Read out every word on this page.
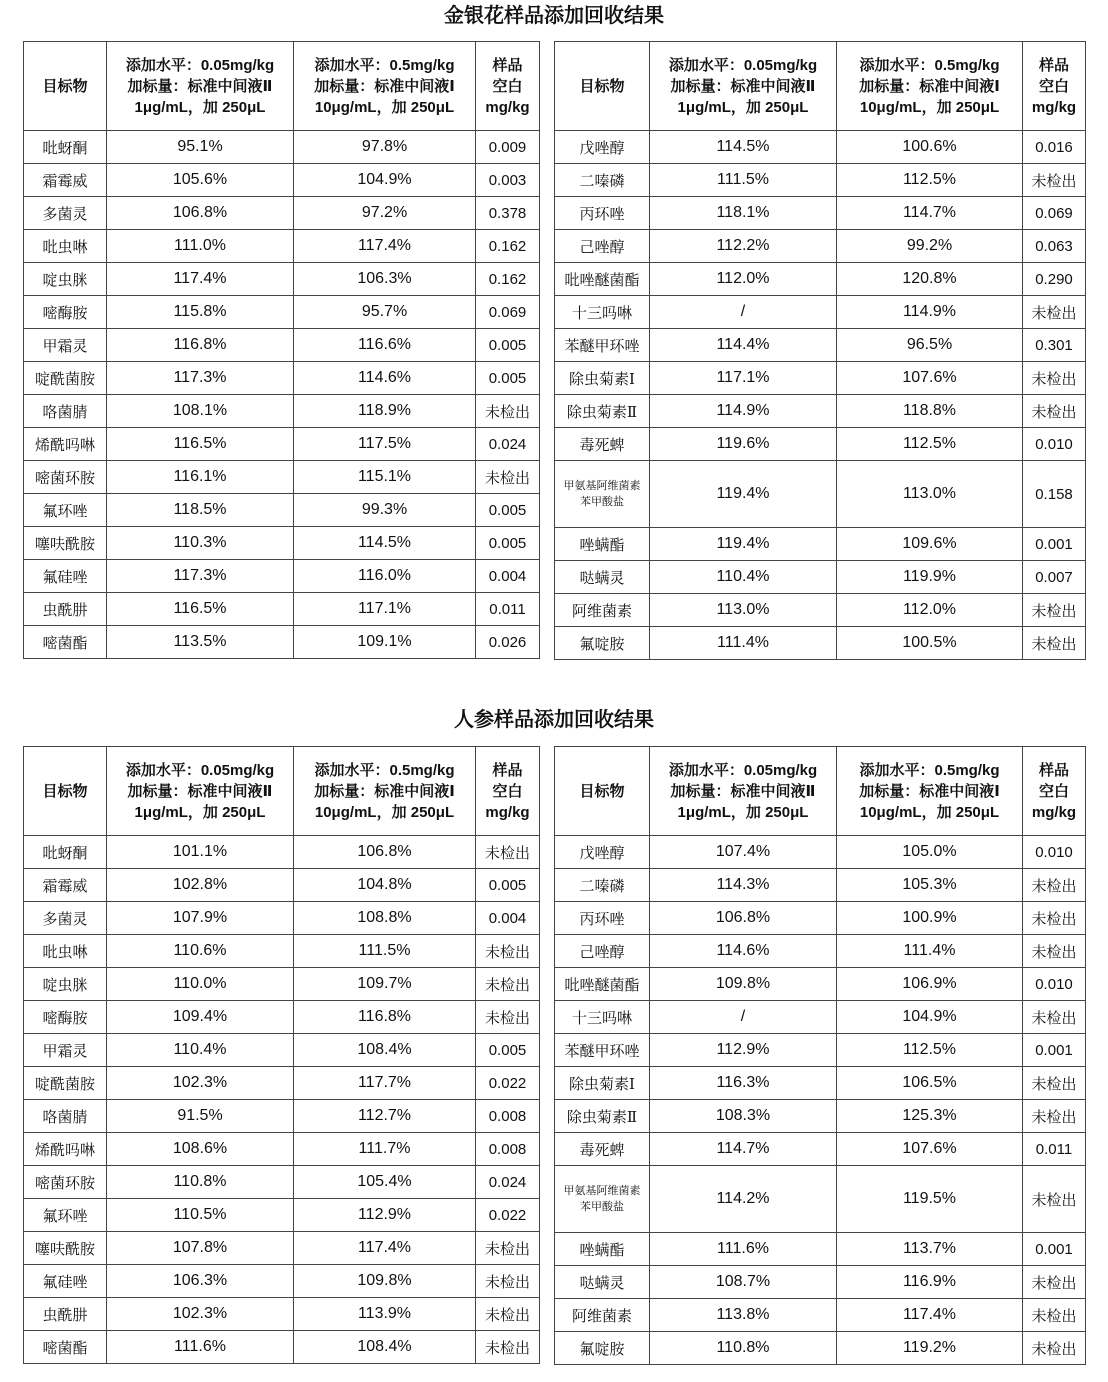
金银花样品添加回收结果
目标物	添加水平：0.05mg/kg
加标量：标准中间液Ⅱ
1μg/mL，加 250μL	添加水平：0.5mg/kg
加标量：标准中间液Ⅰ
10μg/mL，加 250μL	样品
空白
mg/kg

吡蚜酮	95.1%	97.8%	0.009
霜霉威	105.6%	104.9%	0.003
多菌灵	106.8%	97.2%	0.378
吡虫啉	111.0%	117.4%	0.162
啶虫脒	117.4%	106.3%	0.162
嘧酶胺	115.8%	95.7%	0.069
甲霜灵	116.8%	116.6%	0.005
啶酰菌胺	117.3%	114.6%	0.005
咯菌腈	108.1%	118.9%	未检出
烯酰吗啉	116.5%	117.5%	0.024
嘧菌环胺	116.1%	115.1%	未检出
氟环唑	118.5%	99.3%	0.005
噻呋酰胺	110.3%	114.5%	0.005
氟硅唑	117.3%	116.0%	0.004
虫酰肼	116.5%	117.1%	0.011
嘧菌酯	113.5%	109.1%	0.026
目标物	添加水平：0.05mg/kg
加标量：标准中间液Ⅱ
1μg/mL，加 250μL	添加水平：0.5mg/kg
加标量：标准中间液Ⅰ
10μg/mL，加 250μL	样品
空白
mg/kg

戊唑醇	114.5%	100.6%	0.016
二嗪磷	111.5%	112.5%	未检出
丙环唑	118.1%	114.7%	0.069
己唑醇	112.2%	99.2%	0.063
吡唑醚菌酯	112.0%	120.8%	0.290
十三吗啉	/	114.9%	未检出
苯醚甲环唑	114.4%	96.5%	0.301
除虫菊素Ⅰ	117.1%	107.6%	未检出
除虫菊素Ⅱ	114.9%	118.8%	未检出
毒死蜱	119.6%	112.5%	0.010
甲氨基阿维菌素苯甲酸盐	119.4%	113.0%	0.158
唑螨酯	119.4%	109.6%	0.001
哒螨灵	110.4%	119.9%	0.007
阿维菌素	113.0%	112.0%	未检出
氟啶胺	111.4%	100.5%	未检出
人参样品添加回收结果
目标物	添加水平：0.05mg/kg
加标量：标准中间液Ⅱ
1μg/mL，加 250μL	添加水平：0.5mg/kg
加标量：标准中间液Ⅰ
10μg/mL，加 250μL	样品
空白
mg/kg

吡蚜酮	101.1%	106.8%	未检出
霜霉威	102.8%	104.8%	0.005
多菌灵	107.9%	108.8%	0.004
吡虫啉	110.6%	111.5%	未检出
啶虫脒	110.0%	109.7%	未检出
嘧酶胺	109.4%	116.8%	未检出
甲霜灵	110.4%	108.4%	0.005
啶酰菌胺	102.3%	117.7%	0.022
咯菌腈	91.5%	112.7%	0.008
烯酰吗啉	108.6%	111.7%	0.008
嘧菌环胺	110.8%	105.4%	0.024
氟环唑	110.5%	112.9%	0.022
噻呋酰胺	107.8%	117.4%	未检出
氟硅唑	106.3%	109.8%	未检出
虫酰肼	102.3%	113.9%	未检出
嘧菌酯	111.6%	108.4%	未检出
目标物	添加水平：0.05mg/kg
加标量：标准中间液Ⅱ
1μg/mL，加 250μL	添加水平：0.5mg/kg
加标量：标准中间液Ⅰ
10μg/mL，加 250μL	样品
空白
mg/kg

戊唑醇	107.4%	105.0%	0.010
二嗪磷	114.3%	105.3%	未检出
丙环唑	106.8%	100.9%	未检出
己唑醇	114.6%	111.4%	未检出
吡唑醚菌酯	109.8%	106.9%	0.010
十三吗啉	/	104.9%	未检出
苯醚甲环唑	112.9%	112.5%	0.001
除虫菊素Ⅰ	116.3%	106.5%	未检出
除虫菊素Ⅱ	108.3%	125.3%	未检出
毒死蜱	114.7%	107.6%	0.011
甲氨基阿维菌素苯甲酸盐	114.2%	119.5%	未检出
唑螨酯	111.6%	113.7%	0.001
哒螨灵	108.7%	116.9%	未检出
阿维菌素	113.8%	117.4%	未检出
氟啶胺	110.8%	119.2%	未检出
